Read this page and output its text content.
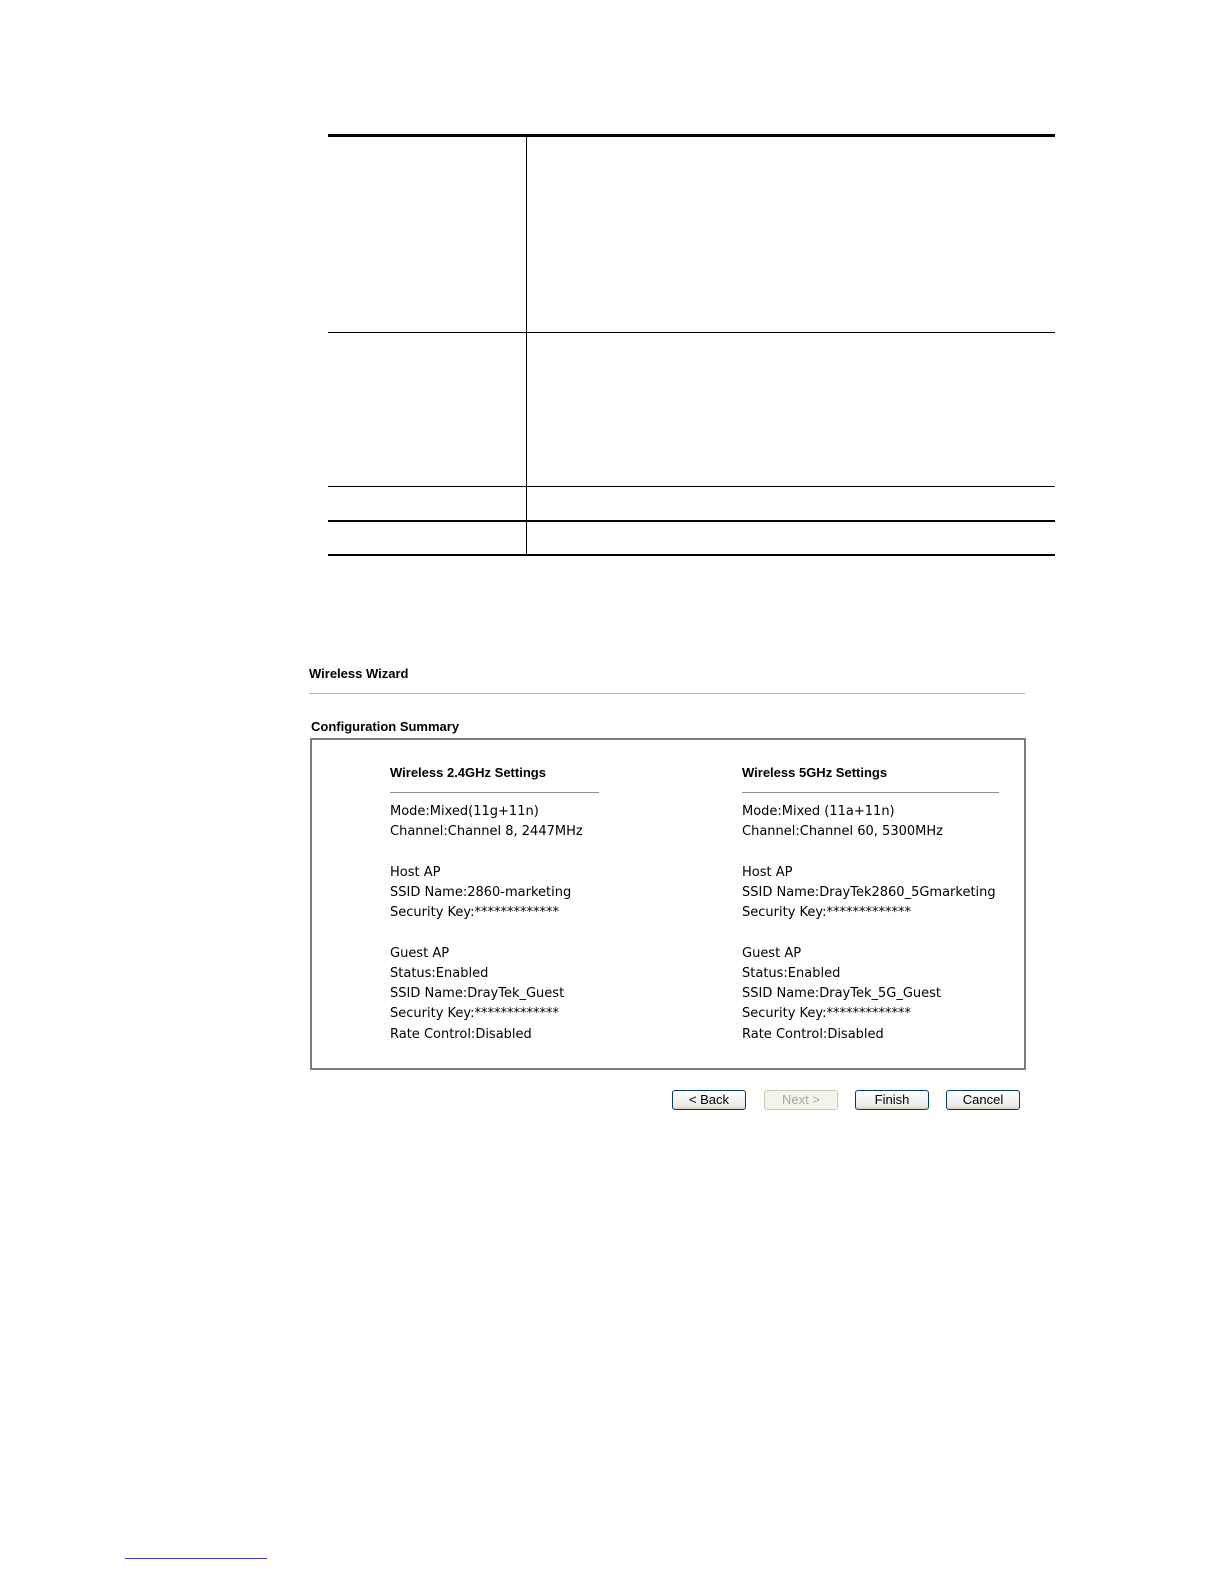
Wireless Wizard
Configuration Summary
Wireless 2.4GHz Settings
Mode:Mixed(11g+11n)
Channel:Channel 8, 2447MHz
Host AP
SSID Name:2860-marketing
Security Key:*************
Guest AP
Status:Enabled
SSID Name:DrayTek_Guest
Security Key:*************
Rate Control:Disabled
Wireless 5GHz Settings
Mode:Mixed (11a+11n)
Channel:Channel 60, 5300MHz
Host AP
SSID Name:DrayTek2860_5Gmarketing
Security Key:*************
Guest AP
Status:Enabled
SSID Name:DrayTek_5G_Guest
Security Key:*************
Rate Control:Disabled
< Back	Next >	Finish	Cancel
